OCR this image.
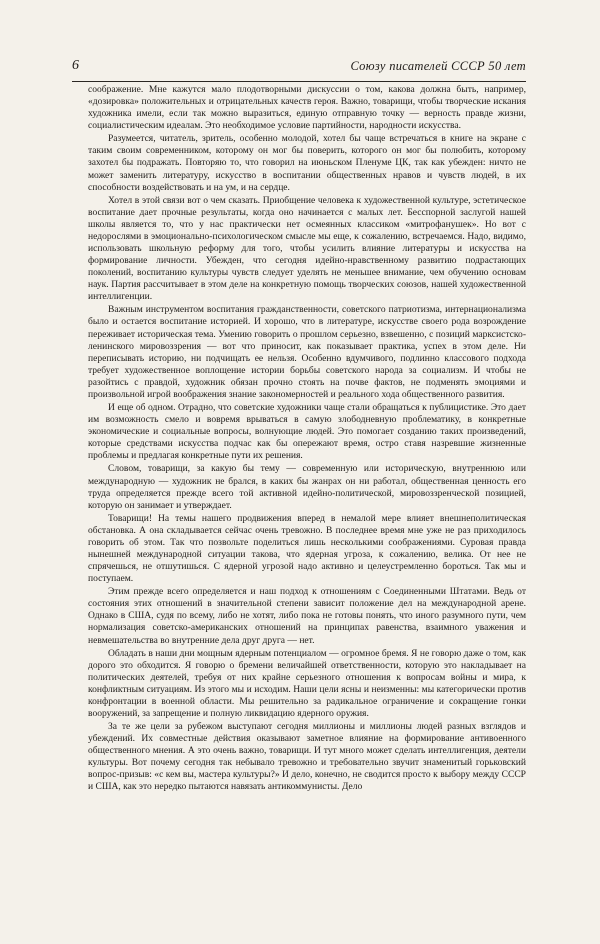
6	Союзу писателей СССР 50 лет

соображение. Мне кажутся мало плодотворными дискуссии о том, какова должна быть, например, «дозировка» положительных и отрицательных качеств героя. Важно, товарищи, чтобы творческие искания художника имели, если так можно выразиться, единую отправную точку — верность правде жизни, социалистическим идеалам. Это необходимое условие партийности, народности искусства.

Разумеется, читатель, зритель, особенно молодой, хотел бы чаще встречаться в книге на экране с таким своим современником, которому он мог бы поверить, которого он мог бы полюбить, которому захотел бы подражать. Повторяю то, что говорил на июньском Пленуме ЦК, так как убежден: ничто не может заменить литературу, искусство в воспитании общественных нравов и чувств людей, в их способности воздействовать и на ум, и на сердце.

Хотел в этой связи вот о чем сказать. Приобщение человека к художественной культуре, эстетическое воспитание дает прочные результаты, когда оно начинается с малых лет. Бесспорной заслугой нашей школы является то, что у нас практически нет осмеянных классиком «митрофанушек». Но вот с недорослями в эмоционально-психологическом смысле мы еще, к сожалению, встречаемся. Надо, видимо, использовать школьную реформу для того, чтобы усилить влияние литературы и искусства на формирование личности. Убежден, что сегодня идейно-нравственному развитию подрастающих поколений, воспитанию культуры чувств следует уделять не меньшее внимание, чем обучению основам наук. Партия рассчитывает в этом деле на конкретную помощь творческих союзов, нашей художественной интеллигенции.

Важным инструментом воспитания гражданственности, советского патриотизма, интернационализма было и остается воспитание историей. И хорошо, что в литературе, искусстве своего рода возрождение переживает историческая тема. Умению говорить о прошлом серьезно, взвешенно, с позиций марксистско-ленинского мировоззрения — вот что приносит, как показывает практика, успех в этом деле. Ни переписывать историю, ни подчищать ее нельзя. Особенно вдумчивого, подлинно классового подхода требует художественное воплощение истории борьбы советского народа за социализм. И чтобы не разойтись с правдой, художник обязан прочно стоять на почве фактов, не подменять эмоциями и произвольной игрой воображения знание закономерностей и реального хода общественного развития.

И еще об одном. Отрадно, что советские художники чаще стали обращаться к публицистике. Это дает им возможность смело и вовремя врываться в самую злободневную проблематику, в конкретные экономические и социальные вопросы, волнующие людей. Это помогает созданию таких произведений, которые средствами искусства подчас как бы опережают время, остро ставя назревшие жизненные проблемы и предлагая конкретные пути их решения.

Словом, товарищи, за какую бы тему — современную или историческую, внутреннюю или международную — художник не брался, в каких бы жанрах он ни работал, общественная ценность его труда определяется прежде всего той активной идейно-политической, мировоззренческой позицией, которую он занимает и утверждает.

Товарищи! На темы нашего продвижения вперед в немалой мере влияет внешнеполитическая обстановка. А она складывается сейчас очень тревожно. В последнее время мне уже не раз приходилось говорить об этом. Так что позвольте поделиться лишь несколькими соображениями. Суровая правда нынешней международной ситуации такова, что ядерная угроза, к сожалению, велика. От нее не спрячешься, не отшутишься. С ядерной угрозой надо активно и целеустремленно бороться. Так мы и поступаем.

Этим прежде всего определяется и наш подход к отношениям с Соединенными Штатами. Ведь от состояния этих отношений в значительной степени зависит положение дел на международной арене. Однако в США, судя по всему, либо не хотят, либо пока не готовы понять, что иного разумного пути, чем нормализация советско-американских отношений на принципах равенства, взаимного уважения и невмешательства во внутренние дела друг друга — нет.

Обладать в наши дни мощным ядерным потенциалом — огромное бремя. Я не говорю даже о том, как дорого это обходится. Я говорю о бремени величайшей ответственности, которую это накладывает на политических деятелей, требуя от них крайне серьезного отношения к вопросам войны и мира, к конфликтным ситуациям. Из этого мы и исходим. Наши цели ясны и неизменны: мы категорически против конфронтации в военной области. Мы решительно за радикальное ограничение и сокращение гонки вооружений, за запрещение и полную ликвидацию ядерного оружия.

За те же цели за рубежом выступают сегодня миллионы и миллионы людей разных взглядов и убеждений. Их совместные действия оказывают заметное влияние на формирование антивоенного общественного мнения. А это очень важно, товарищи. И тут много может сделать интеллигенция, деятели культуры. Вот почему сегодня так небывало тревожно и требовательно звучит знаменитый горьковский вопрос-призыв: «с кем вы, мастера культуры?» И дело, конечно, не сводится просто к выбору между СССР и США, как это нередко пытаются навязать антикоммунисты. Дело
